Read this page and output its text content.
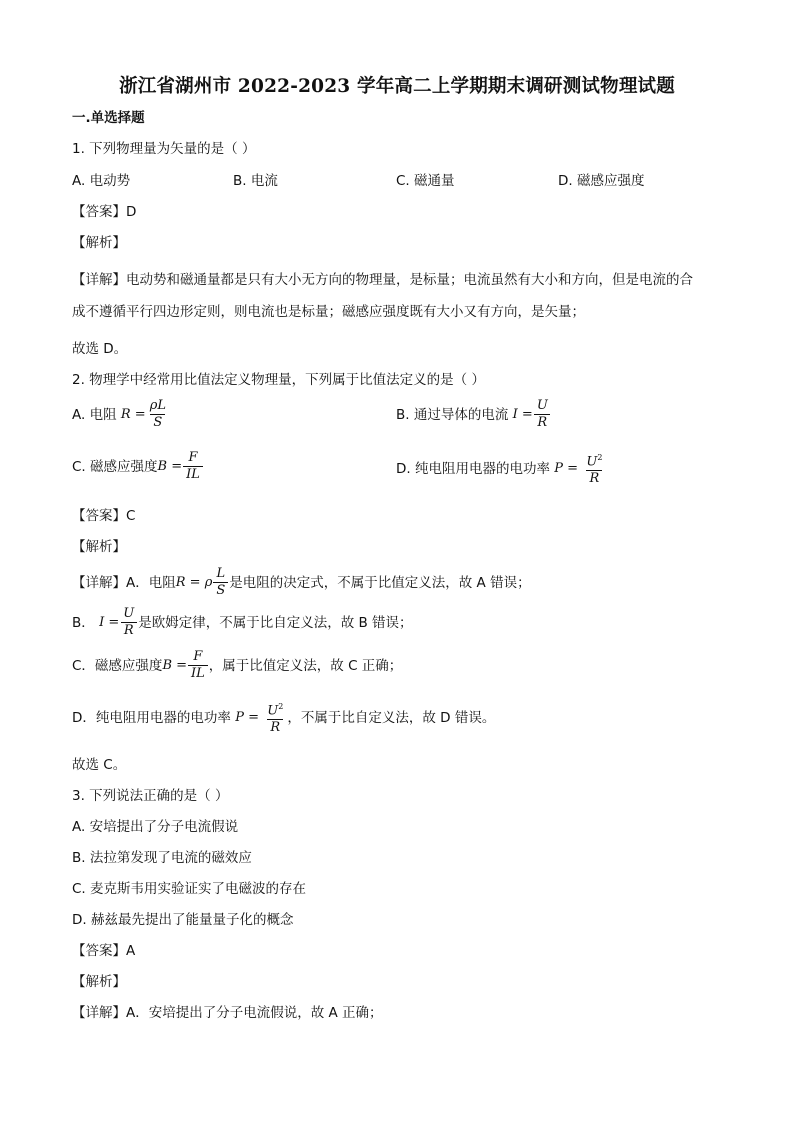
浙江省湖州市 2022-2023 学年高二上学期期末调研测试物理试题
一.单选择题
1. 下列物理量为矢量的是（ ）
A. 电动势	B. 电流	C. 磁通量	D. 磁感应强度
【答案】D
【解析】
【详解】电动势和磁通量都是只有大小无方向的物理量，是标量；电流虽然有大小和方向，但是电流的合
成不遵循平行四边形定则，则电流也是标量；磁感应强度既有大小又有方向，是矢量；
故选 D。
2. 物理学中经常用比值法定义物理量，下列属于比值法定义的是（ ）
A. 电阻
$R = \frac{\rho L}{S}$	B. 通过导体的电流
$I = \frac{U}{R}$
C. 磁感应强度 $B = \frac{F}{IL}$	D. 纯电阻用电器的电功率
P =
$\frac{U^2}{R}$
【答案】C
【解析】
【详解】A．电阻 R = ρ $\frac{L}{S}$ 是电阻的决定式，不属于比值定义法，故 A 错误；
B．
$I = \frac{U}{R}$ 是欧姆定律，不属于比自定义法，故 B 错误；
C．磁感应强度 $B = \frac{F}{IL}$ ，属于比值定义法，故 C 正确；
D．纯电阻用电器的电功率
P =
$\frac{U^2}{R}$ ，不属于比自定义法，故 D 错误。
故选 C。
3. 下列说法正确的是（ ）
A. 安培提出了分子电流假说
B. 法拉第发现了电流的磁效应
C. 麦克斯韦用实验证实了电磁波的存在
D. 赫兹最先提出了能量量子化的概念
【答案】A
【解析】
【详解】A．安培提出了分子电流假说，故 A 正确；
